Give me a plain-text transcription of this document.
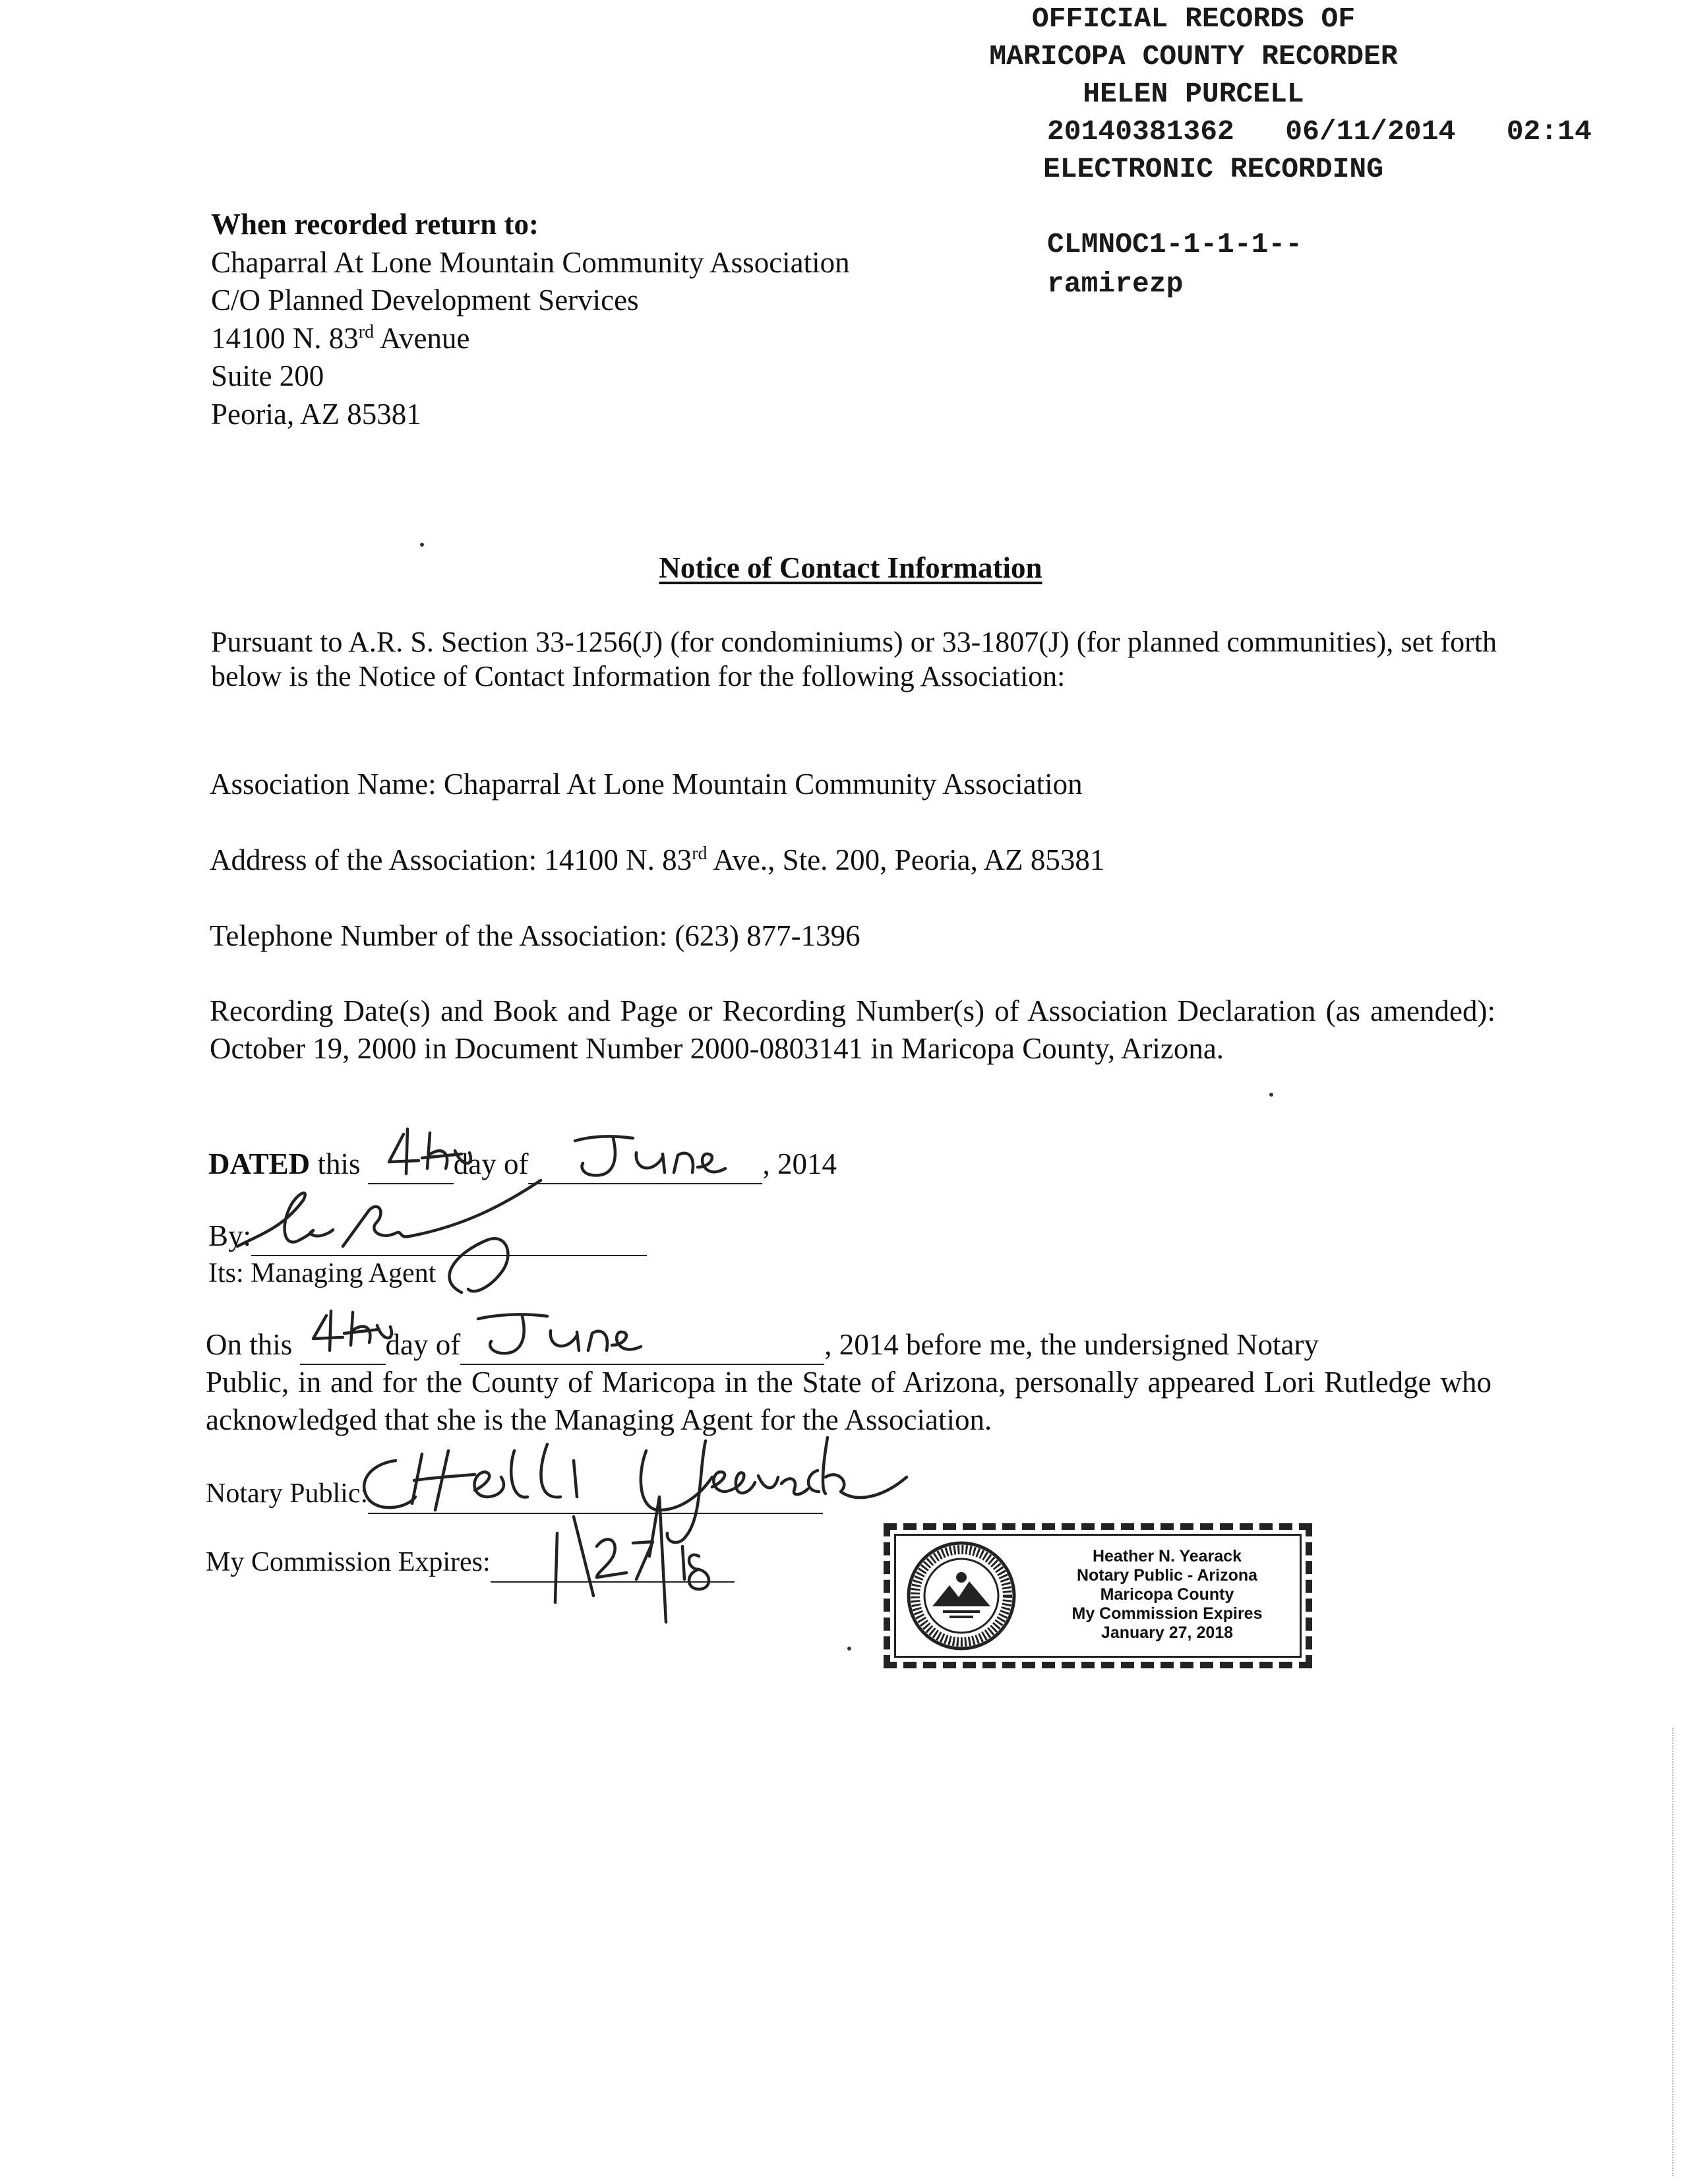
OFFICIAL RECORDS OF
MARICOPA COUNTY RECORDER
HELEN PURCELL
20140381362 06/11/2014 02:14
ELECTRONIC RECORDING
CLMNOC1-1-1-1--
ramirezp
When recorded return to:
Chaparral At Lone Mountain Community Association
C/O Planned Development Services
14100 N. 83rd Avenue
Suite 200
Peoria, AZ 85381
Notice of Contact Information
Pursuant to A.R. S. Section 33-1256(J) (for condominiums) or 33-1807(J) (for planned communities), set forth below is the Notice of Contact Information for the following Association:
Association Name: Chaparral At Lone Mountain Community Association
Address of the Association: 14100 N. 83rd Ave., Ste. 200, Peoria, AZ 85381
Telephone Number of the Association: (623) 877-1396
Recording Date(s) and Book and Page or Recording Number(s) of Association Declaration (as amended): October 19, 2000 in Document Number 2000-0803141 in Maricopa County, Arizona.
DATED this	day of	, 2014
By:
Its: Managing Agent
On this	day of	, 2014 before me, the undersigned Notary
Public, in and for the County of Maricopa in the State of Arizona, personally appeared Lori Rutledge who acknowledged that she is the Managing Agent for the Association.
Notary Public:
My Commission Expires:	Heather N. Yearack
Notary Public - Arizona
Maricopa County
My Commission Expires
January 27, 2018
